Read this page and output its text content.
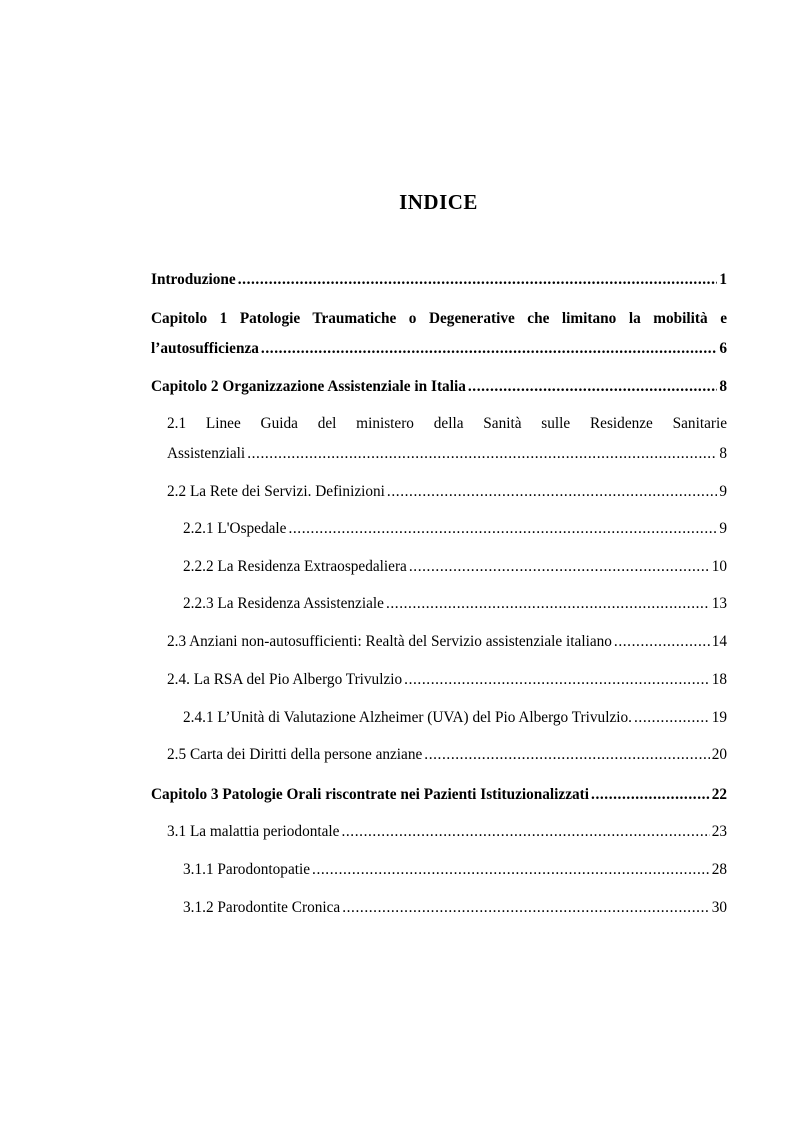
INDICE
Introduzione .....	1
Capitolo 1 Patologie Traumatiche o Degenerative che limitano la mobilità e
l’autosufficienza .....	6
Capitolo 2 Organizzazione Assistenziale in Italia .....	8
2.1 Linee Guida del ministero della Sanità sulle Residenze Sanitarie
Assistenziali .....	8
2.2 La Rete dei Servizi. Definizioni .....	9
2.2.1 L'Ospedale .....	9
2.2.2 La Residenza Extraospedaliera .....	10
2.2.3 La Residenza Assistenziale .....	13
2.3 Anziani non-autosufficienti: Realtà del Servizio assistenziale italiano .....	14
2.4. La RSA del Pio Albergo Trivulzio .....	18
2.4.1 L’Unità di Valutazione Alzheimer (UVA) del Pio Albergo Trivulzio. .....	19
2.5 Carta dei Diritti della persone anziane .....	20
Capitolo 3 Patologie Orali riscontrate nei Pazienti Istituzionalizzati .....	22
3.1 La malattia periodontale .....	23
3.1.1 Parodontopatie .....	28
3.1.2 Parodontite Cronica .....	30
